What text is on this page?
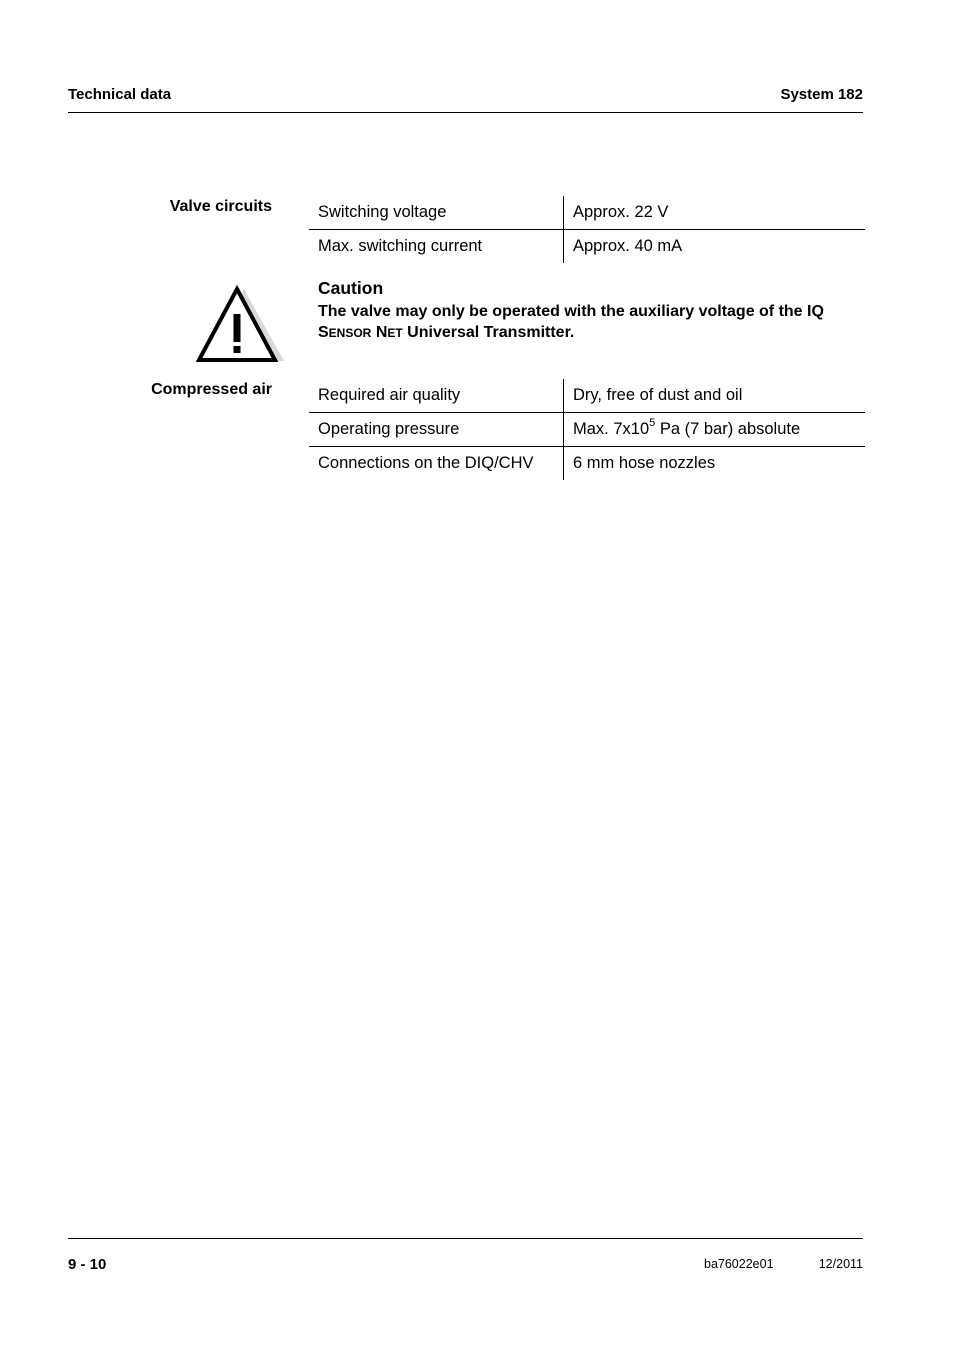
Technical data	System 182
Valve circuits	Switching voltage	Approx. 22 V
Max. switching current	Approx. 40 mA
Caution
The valve may only be operated with the auxiliary voltage of the IQ SENSOR NET Universal Transmitter.
Compressed air	Required air quality	Dry, free of dust and oil
Operating pressure	Max. $7x10^5$ Pa (7 bar) absolute
Connections on the DIQ/CHV	6 mm hose nozzles
9 - 10	ba76022e01	12/2011
